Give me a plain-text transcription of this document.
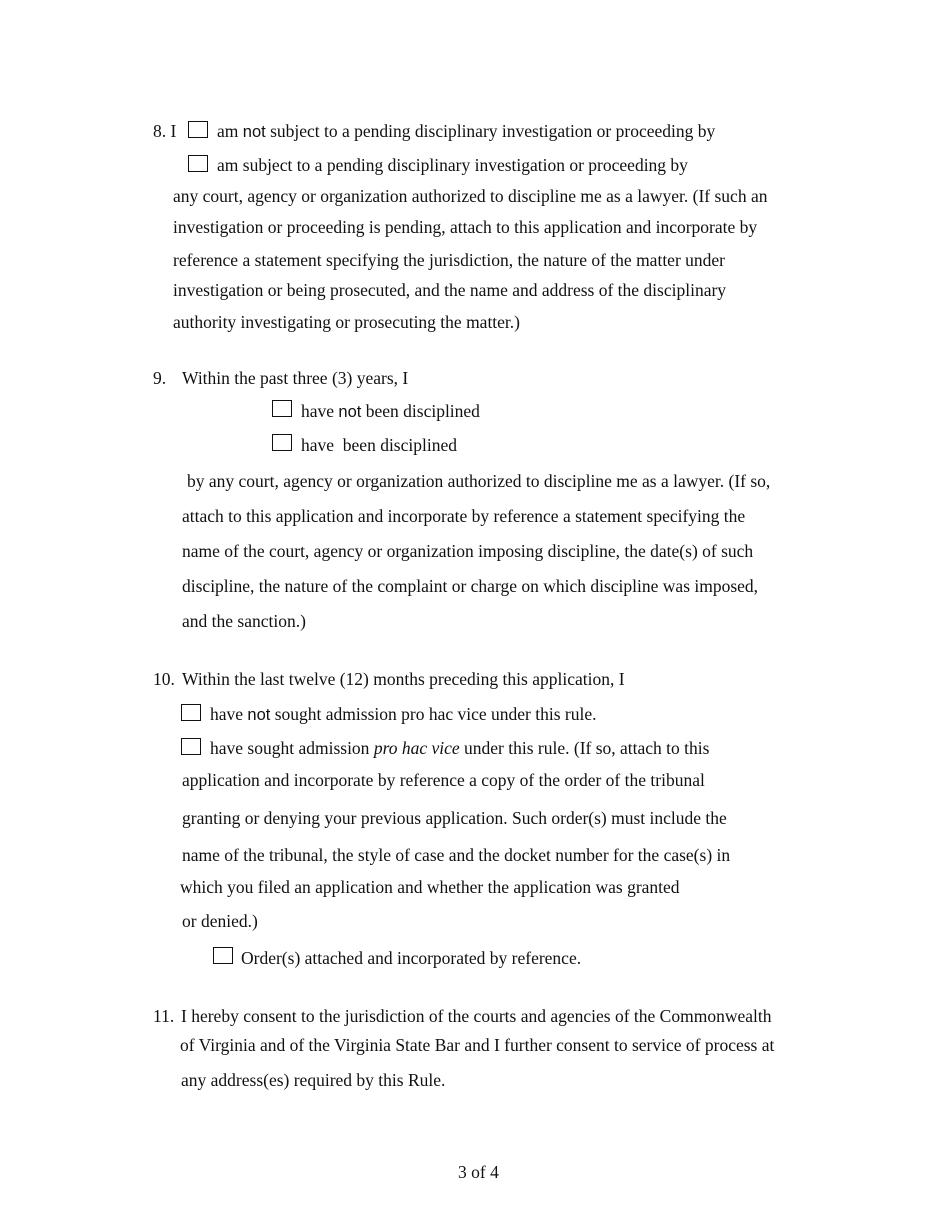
8. I am not subject to a pending disciplinary investigation or proceeding by
am subject to a pending disciplinary investigation or proceeding by
any court, agency or organization authorized to discipline me as a lawyer. (If such an
investigation or proceeding is pending, attach to this application and incorporate by
reference a statement specifying the jurisdiction, the nature of the matter under
investigation or being prosecuted, and the name and address of the disciplinary
authority investigating or prosecuting the matter.)
9. Within the past three (3) years, I
have not been disciplined
have  been disciplined
by any court, agency or organization authorized to discipline me as a lawyer. (If so,
attach to this application and incorporate by reference a statement specifying the
name of the court, agency or organization imposing discipline, the date(s) of such
discipline, the nature of the complaint or charge on which discipline was imposed,
and the sanction.)
10. Within the last twelve (12) months preceding this application, I
have not sought admission pro hac vice under this rule.
have sought admission pro hac vice under this rule. (If so, attach to this
application and incorporate by reference a copy of the order of the tribunal
granting or denying your previous application. Such order(s) must include the
name of the tribunal, the style of case and the docket number for the case(s) in
which you filed an application and whether the application was granted
or denied.)
Order(s) attached and incorporated by reference.
11. I hereby consent to the jurisdiction of the courts and agencies of the Commonwealth
of Virginia and of the Virginia State Bar and I further consent to service of process at
any address(es) required by this Rule.
3 of 4
